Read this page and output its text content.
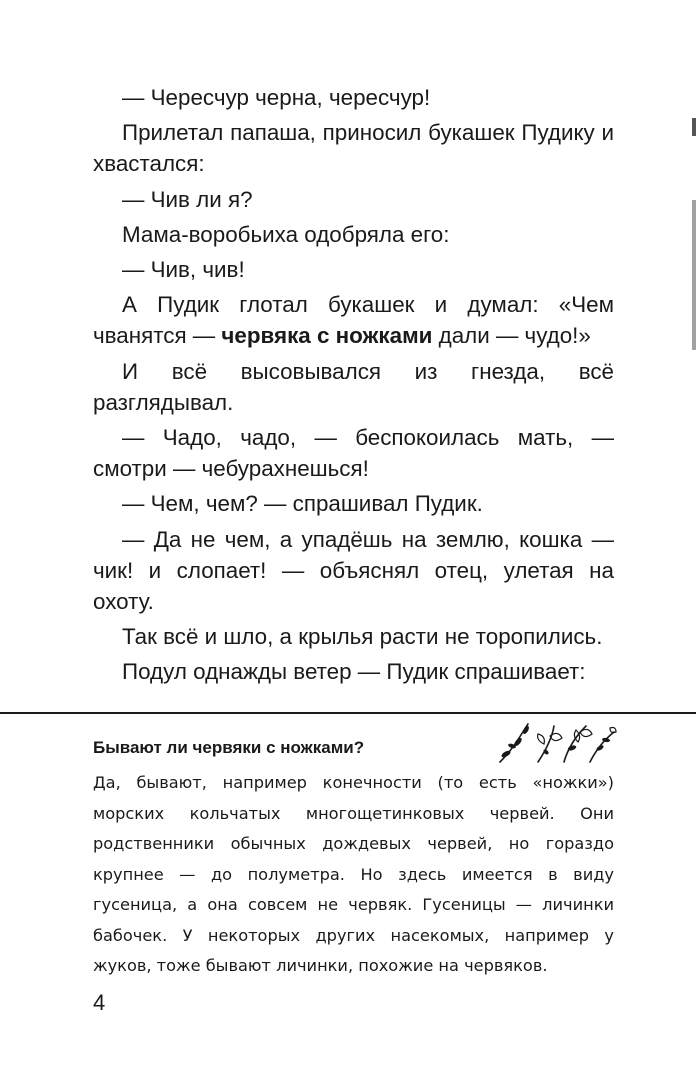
— Чересчур черна, чересчур!

Прилетал папаша, приносил букашек Пудику и хвастался:

— Чив ли я?

Мама-воробьиха одобряла его:

— Чив, чив!

А Пудик глотал букашек и думал: «Чем чванятся — червяка с ножками дали — чудо!»

И всё высовывался из гнезда, всё разглядывал.

— Чадо, чадо, — беспокоилась мать, — смотри — чебурахнешься!

— Чем, чем? — спрашивал Пудик.

— Да не чем, а упадёшь на землю, кошка — чик! и слопает! — объяснял отец, улетая на охоту.

Так всё и шло, а крылья расти не торопились.

Подул однажды ветер — Пудик спрашивает:

Бывают ли червяки с ножками?

Да, бывают, например конечности (то есть «ножки») морских кольчатых многощетинковых червей. Они родственники обычных дождевых червей, но гораздо крупнее — до полуметра. Но здесь имеется в виду гусеница, а она совсем не червяк. Гусеницы — личинки бабочек. У некоторых других насекомых, например у жуков, тоже бывают личинки, похожие на червяков.

4
